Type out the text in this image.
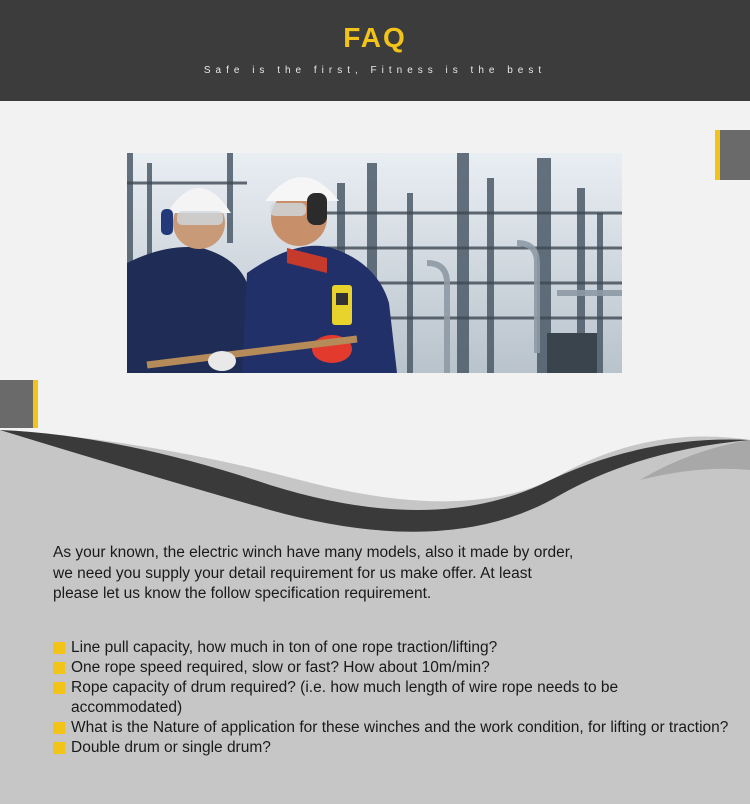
FAQ
Safe is the first, Fitness is the best
As your known, the electric winch have many models, also it made by order,
we need you supply your detail requirement for us make offer. At least
please let us know the follow specification requirement.
Line pull capacity, how much in ton of one rope traction/lifting?
One rope speed required, slow or fast? How about 10m/min?
Rope capacity of drum required? (i.e. how much length of wire rope needs to be accommodated)
What is the Nature of application for these winches and the work condition, for lifting or traction?
Double drum or single drum?
